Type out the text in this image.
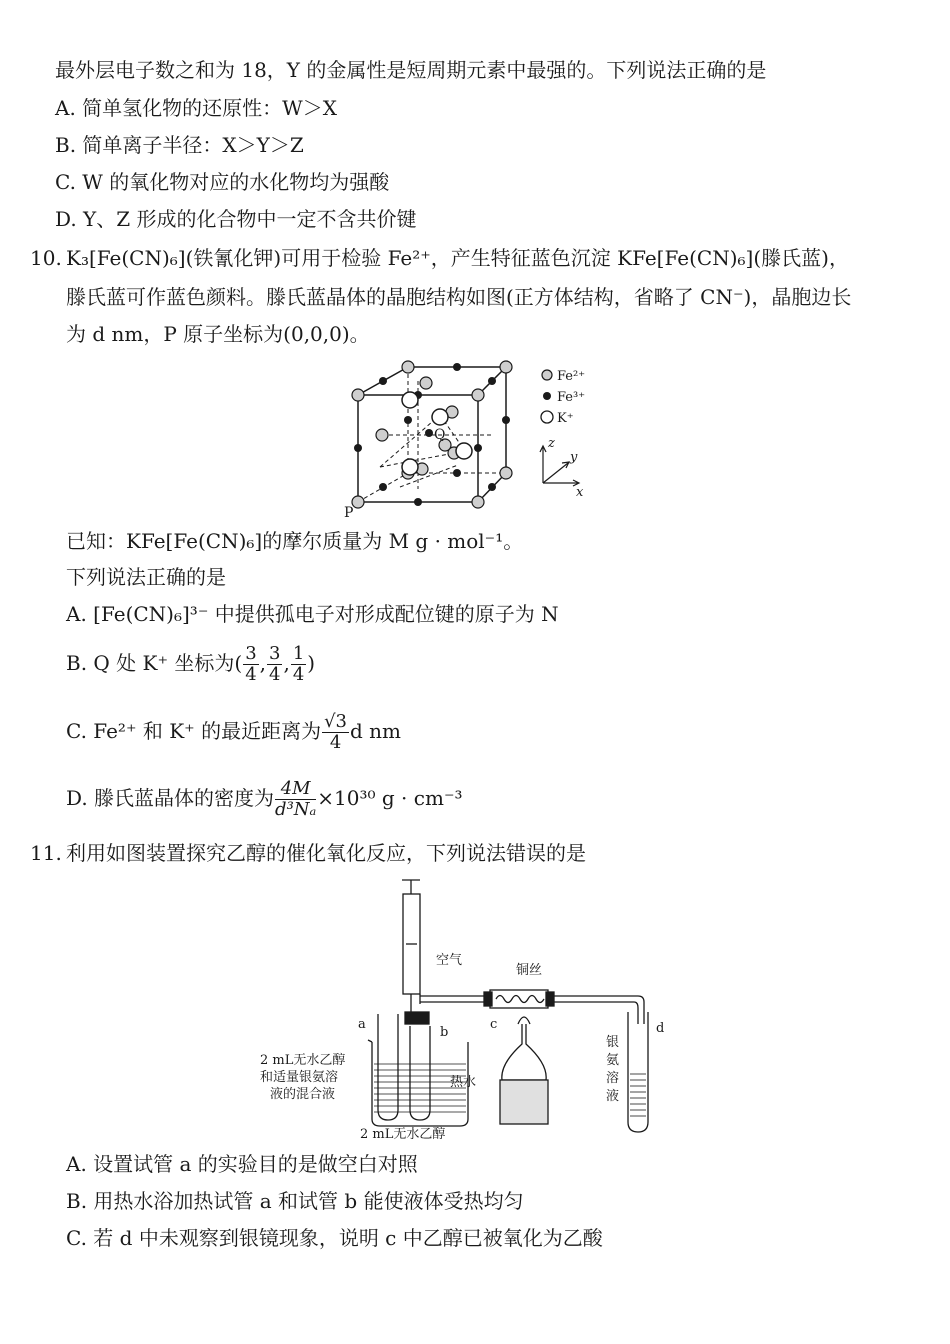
最外层电子数之和为 18，Y 的金属性是短周期元素中最强的。下列说法正确的是
A. 简单氢化物的还原性：W＞X
B. 简单离子半径：X＞Y＞Z
C. W 的氧化物对应的水化物均为强酸
D. Y、Z 形成的化合物中一定不含共价键
10. K₃[Fe(CN)₆](铁氰化钾)可用于检验 Fe²⁺，产生特征蓝色沉淀 KFe[Fe(CN)₆](滕氏蓝)，
滕氏蓝可作蓝色颜料。滕氏蓝晶体的晶胞结构如图(正方体结构，省略了 CN⁻)，晶胞边长
为 d nm，P 原子坐标为(0,0,0)。
Q
P
Fe²⁺
Fe³⁺
K⁺
z
y
x
已知：KFe[Fe(CN)₆]的摩尔质量为 M g · mol⁻¹。
下列说法正确的是
A. [Fe(CN)₆]³⁻ 中提供孤电子对形成配位键的原子为 N
B. Q 处 K⁺ 坐标为( $\frac{3}{4}$ , $\frac{3}{4}$ , $\frac{1}{4}$ )
C. Fe²⁺ 和 K⁺ 的最近距离为 $\frac{√3}{4}$ d nm
D. 滕氏蓝晶体的密度为 $\frac{4M}{\text{d³Nₐ}} \times 10^{30}$ g · cm⁻³
11. 利用如图装置探究乙醇的催化氧化反应，下列说法错误的是
空气
铜丝
a
b
c	d
2 mL无水乙醇
和适量银氨溶
液的混合液
热水
2 mL无水乙醇
银
氨
溶
液
A. 设置试管 a 的实验目的是做空白对照
B. 用热水浴加热试管 a 和试管 b 能使液体受热均匀
C. 若 d 中未观察到银镜现象，说明 c 中乙醇已被氧化为乙酸
